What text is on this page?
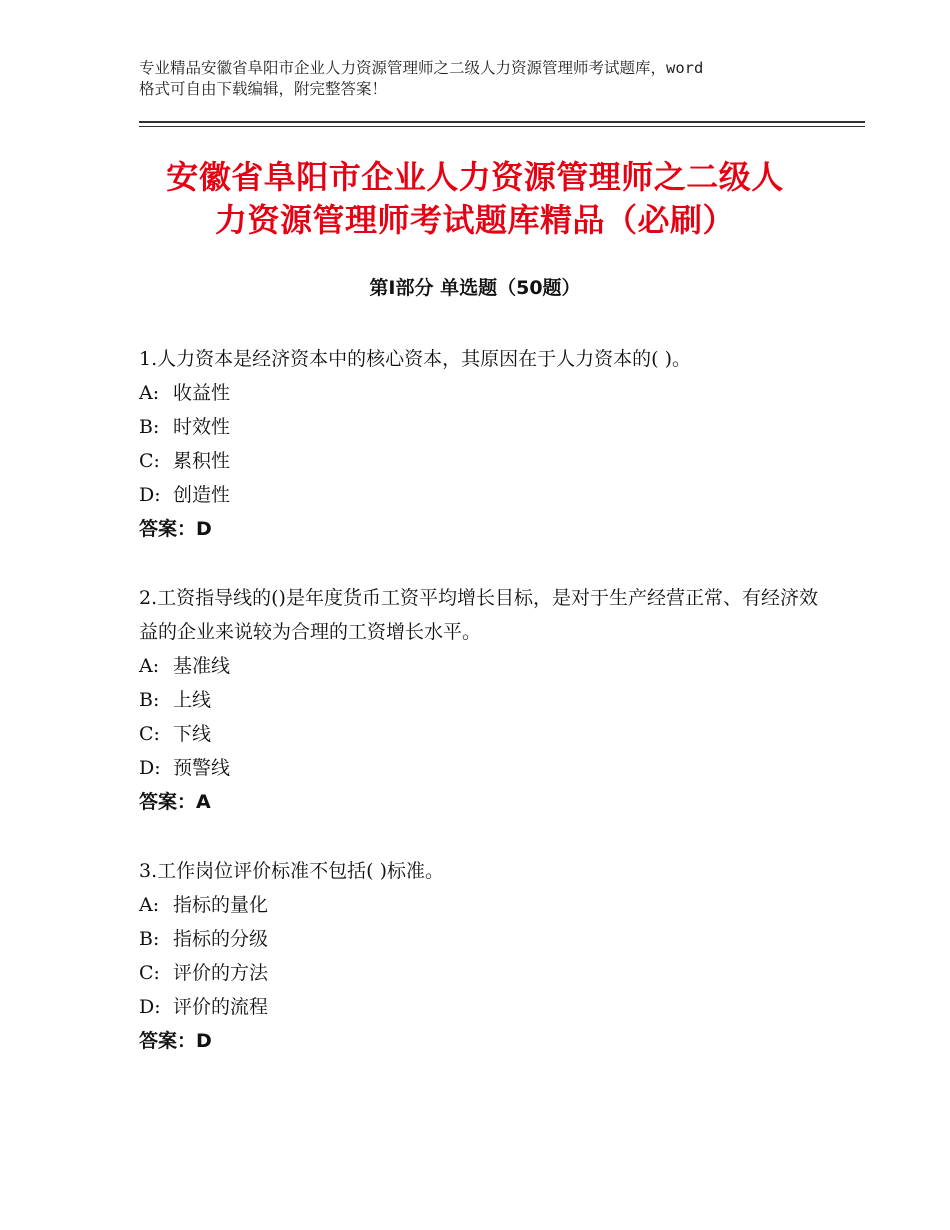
专业精品安徽省阜阳市企业人力资源管理师之二级人力资源管理师考试题库，word
格式可自由下载编辑，附完整答案！
安徽省阜阳市企业人力资源管理师之二级人
力资源管理师考试题库精品（必刷）
第Ⅰ部分 单选题（50题）
1.人力资本是经济资本中的核心资本，其原因在于人力资本的( )。
A: 收益性
B: 时效性
C: 累积性
D: 创造性
答案：D
2.工资指导线的()是年度货币工资平均增长目标，是对于生产经营正常、有经济效益的企业来说较为合理的工资增长水平。
A: 基准线
B: 上线
C: 下线
D: 预警线
答案：A
3.工作岗位评价标准不包括( )标准。
A: 指标的量化
B: 指标的分级
C: 评价的方法
D: 评价的流程
答案：D
